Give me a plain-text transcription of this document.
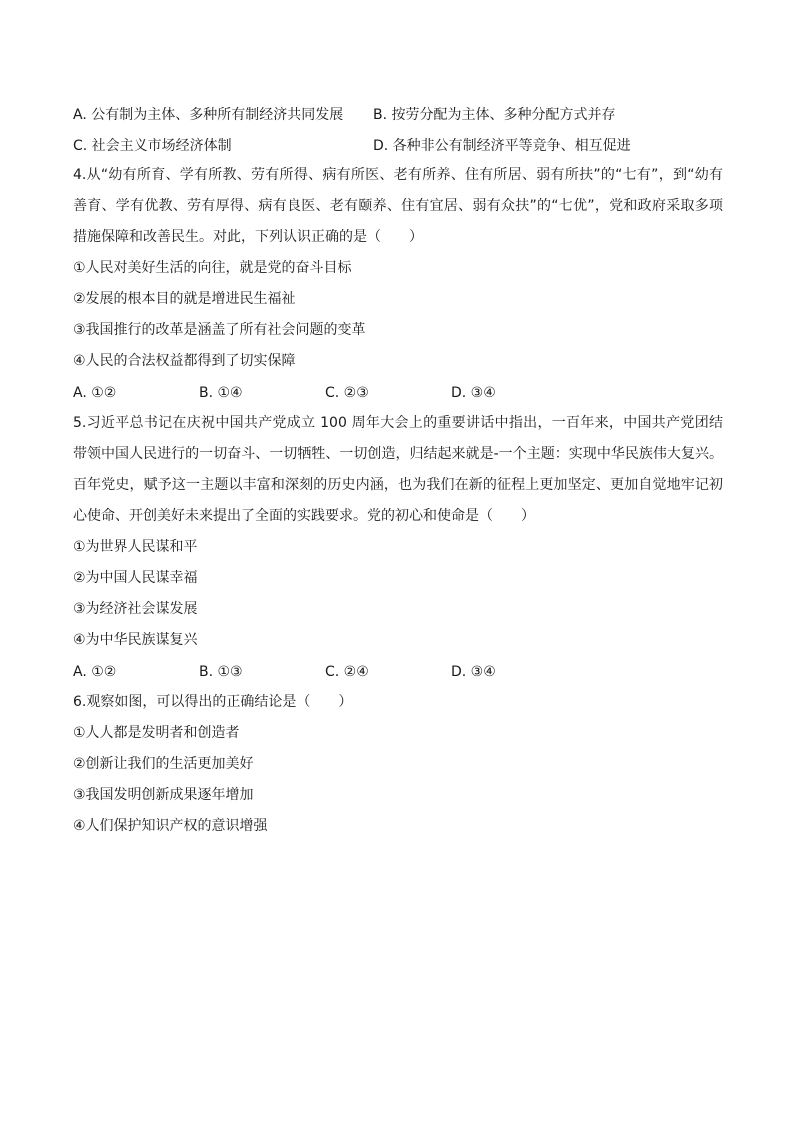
A. 公有制为主体、多种所有制经济共同发展	B. 按劳分配为主体、多种分配方式并存
C. 社会主义市场经济体制	D. 各种非公有制经济平等竞争、相互促进
4.从“幼有所育、学有所教、劳有所得、病有所医、老有所养、住有所居、弱有所扶”的“七有”，到“幼有善育、学有优教、劳有厚得、病有良医、老有颐养、住有宜居、弱有众扶”的“七优”，党和政府采取多项措施保障和改善民生。对此，下列认识正确的是（　　）
①人民对美好生活的向往，就是党的奋斗目标
②发展的根本目的就是增进民生福祉
③我国推行的改革是涵盖了所有社会问题的变革
④人民的合法权益都得到了切实保障
A. ①②	B. ①④	C. ②③	D. ③④
5.习近平总书记在庆祝中国共产党成立 100 周年大会上的重要讲话中指出，一百年来，中国共产党团结带领中国人民进行的一切奋斗、一切牺牲、一切创造，归结起来就是-一个主题：实现中华民族伟大复兴。百年党史，赋予这一主题以丰富和深刻的历史内涵，也为我们在新的征程上更加坚定、更加自觉地牢记初心使命、开创美好未来提出了全面的实践要求。党的初心和使命是（　　）
①为世界人民谋和平
②为中国人民谋幸福
③为经济社会谋发展
④为中华民族谋复兴
A. ①②	B. ①③	C. ②④	D. ③④
6.观察如图，可以得出的正确结论是（　　）
①人人都是发明者和创造者
②创新让我们的生活更加美好
③我国发明创新成果逐年增加
④人们保护知识产权的意识增强
